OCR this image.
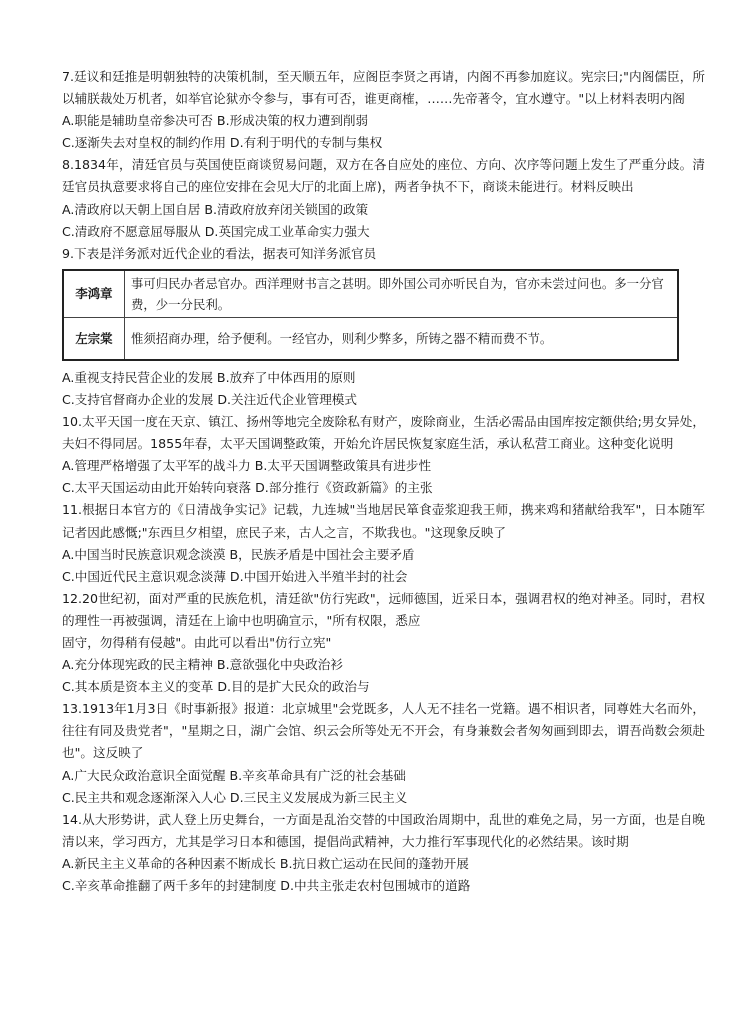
7.廷议和廷推是明朝独特的决策机制，至天顺五年，应阁臣李贤之再请，内阁不再参加庭议。宪宗曰;"内阁儒臣，所以辅朕裁处万机者，如举官论狱亦令参与，事有可否，谁更商榷，……先帝著令，宜水遵守。"以上材料表明内阁

A.职能是辅助皇帝参决可否 B.形成决策的权力遭到削弱
C.逐渐失去对皇权的制约作用 D.有利于明代的专制与集权

8.1834年，清廷官员与英国使臣商谈贸易问题，双方在各自应处的座位、方向、次序等问题上发生了严重分歧。清廷官员执意要求将自己的座位安排在会见大厅的北面上席)，两者争执不下，商谈未能进行。材料反映出

A.清政府以天朝上国自居 B.清政府放弃闭关锁国的政策
C.清政府不愿意屈辱服从 D.英国完成工业革命实力强大

9.下表是洋务派对近代企业的看法，据表可知洋务派官员

李鸿章	事可归民办者忌官办。西洋理财书言之甚明。即外国公司亦听民自为，官亦未尝过问也。多一分官费，少一分民利。
左宗棠	惟须招商办理，给予便利。一经官办，则利少弊多，所铸之器不精而费不节。
A.重视支持民营企业的发展 B.放弃了中体西用的原则
C.支持官督商办企业的发展 D.关注近代企业管理模式

10.太平天国一度在天京、镇江、扬州等地完全废除私有财产，废除商业，生活必需品由国库按定额供给;男女异处，夫妇不得同居。1855年春，太平天国调整政策，开始允许居民恢复家庭生活，承认私营工商业。这种变化说明

A.管理严格增强了太平军的战斗力 B.太平天国调整政策具有进步性
C.太平天国运动由此开始转向衰落 D.部分推行《资政新篇》的主张

11.根据日本官方的《日清战争实记》记载，九连城"当地居民箪食壶浆迎我王师，携来鸡和猪献给我军"，日本随军记者因此感慨;"东西旦夕相望，庶民子来，古人之言，不欺我也。"这现象反映了

A.中国当时民族意识观念淡漠 B，民族矛盾是中国社会主要矛盾
C.中国近代民主意识观念淡薄 D.中国开始进入半殖半封的社会

12.20世纪初，面对严重的民族危机，清廷欲"仿行宪政"，远师德国，近采日本，强调君权的绝对神圣。同时，君权的理性一再被强调，清廷在上谕中也明确宣示，"所有权限，悉应

固守，勿得稍有侵越"。由此可以看出"仿行立宪"

A.充分体现宪政的民主精神 B.意欲强化中央政治衫
C.其本质是资本主义的变革 D.目的是扩大民众的政治与

13.1913年1月3日《时事新报》报道：北京城里"会党既多，人人无不挂名一党籍。遇不相识者，同尊姓大名而外，往往有同及贵党者"，"星期之日，湖广会馆、织云会所等处无不开会，有身兼数会者匆匆画到即去，谓吾尚数会须赴也"。这反映了

A.广大民众政治意识全面觉醒 B.辛亥革命具有广泛的社会基础
C.民主共和观念逐渐深入人心 D.三民主义发展成为新三民主义

14.从大形势讲，武人登上历史舞台，一方面是乱治交替的中国政治周期中，乱世的难免之局，另一方面，也是自晚清以来，学习西方，尤其是学习日本和德国，提倡尚武精神，大力推行军事现代化的必然结果。该时期

A.新民主主义革命的各种因素不断成长 B.抗日救亡运动在民间的蓬勃开展
C.辛亥革命推翻了两千多年的封建制度 D.中共主张走农村包围城市的道路
